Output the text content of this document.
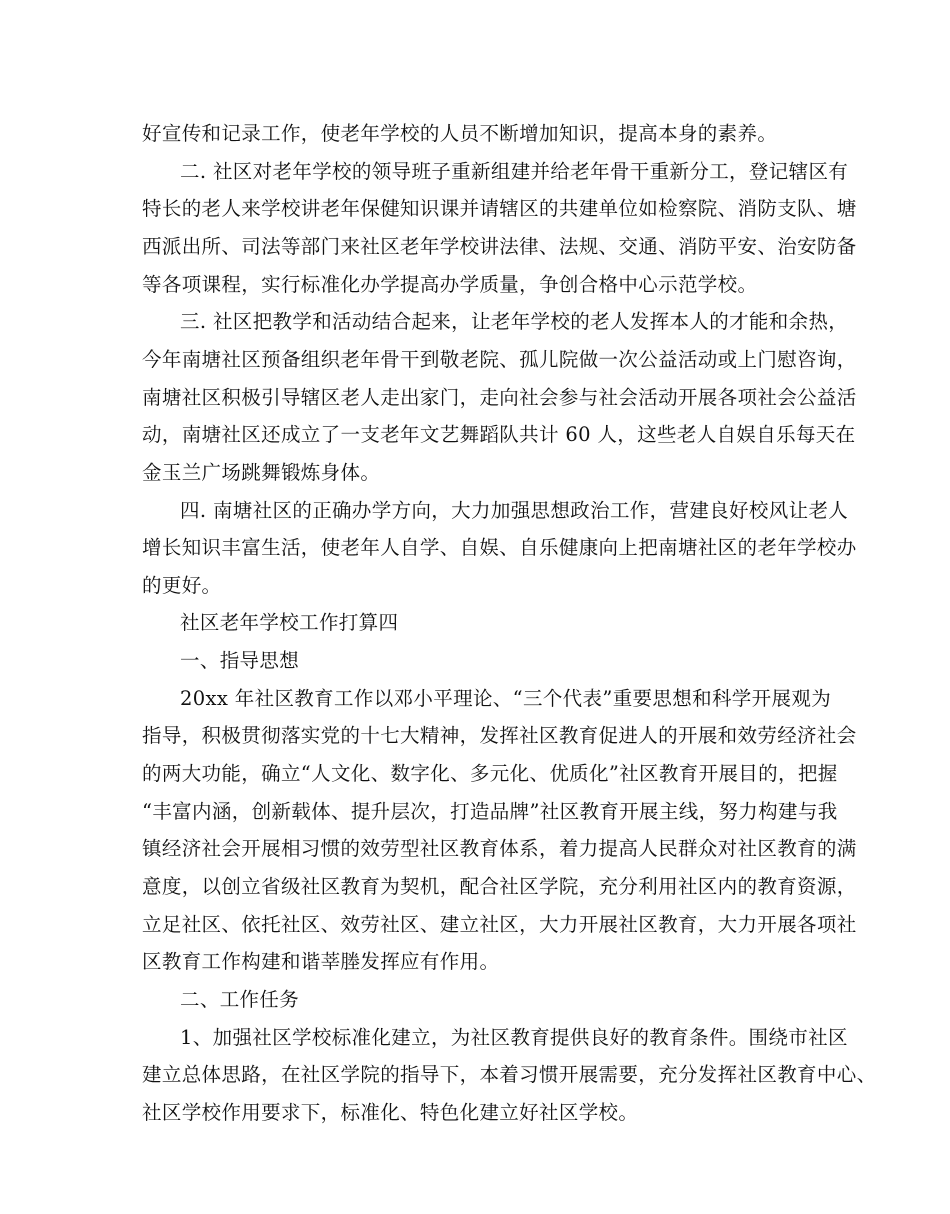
好宣传和记录工作，使老年学校的人员不断增加知识，提高本身的素养。
二. 社区对老年学校的领导班子重新组建并给老年骨干重新分工，登记辖区有
特长的老人来学校讲老年保健知识课并请辖区的共建单位如检察院、消防支队、塘
西派出所、司法等部门来社区老年学校讲法律、法规、交通、消防平安、治安防备
等各项课程，实行标准化办学提高办学质量，争创合格中心示范学校。
三. 社区把教学和活动结合起来，让老年学校的老人发挥本人的才能和余热，
今年南塘社区预备组织老年骨干到敬老院、孤儿院做一次公益活动或上门慰咨询，
南塘社区积极引导辖区老人走出家门，走向社会参与社会活动开展各项社会公益活
动，南塘社区还成立了一支老年文艺舞蹈队共计 60 人，这些老人自娱自乐每天在
金玉兰广场跳舞锻炼身体。
四. 南塘社区的正确办学方向，大力加强思想政治工作，营建良好校风让老人
增长知识丰富生活，使老年人自学、自娱、自乐健康向上把南塘社区的老年学校办
的更好。
社区老年学校工作打算四
一、指导思想
20xx 年社区教育工作以邓小平理论、“三个代表”重要思想和科学开展观为
指导，积极贯彻落实党的十七大精神，发挥社区教育促进人的开展和效劳经济社会
的两大功能，确立“人文化、数字化、多元化、优质化”社区教育开展目的，把握
“丰富内涵，创新载体、提升层次，打造品牌”社区教育开展主线，努力构建与我
镇经济社会开展相习惯的效劳型社区教育体系，着力提高人民群众对社区教育的满
意度，以创立省级社区教育为契机，配合社区学院，充分利用社区内的教育资源，
立足社区、依托社区、效劳社区、建立社区，大力开展社区教育，大力开展各项社
区教育工作构建和谐莘塍发挥应有作用。
二、工作任务
1、加强社区学校标准化建立，为社区教育提供良好的教育条件。围绕市社区
建立总体思路，在社区学院的指导下，本着习惯开展需要，充分发挥社区教育中心、
社区学校作用要求下，标准化、特色化建立好社区学校。
